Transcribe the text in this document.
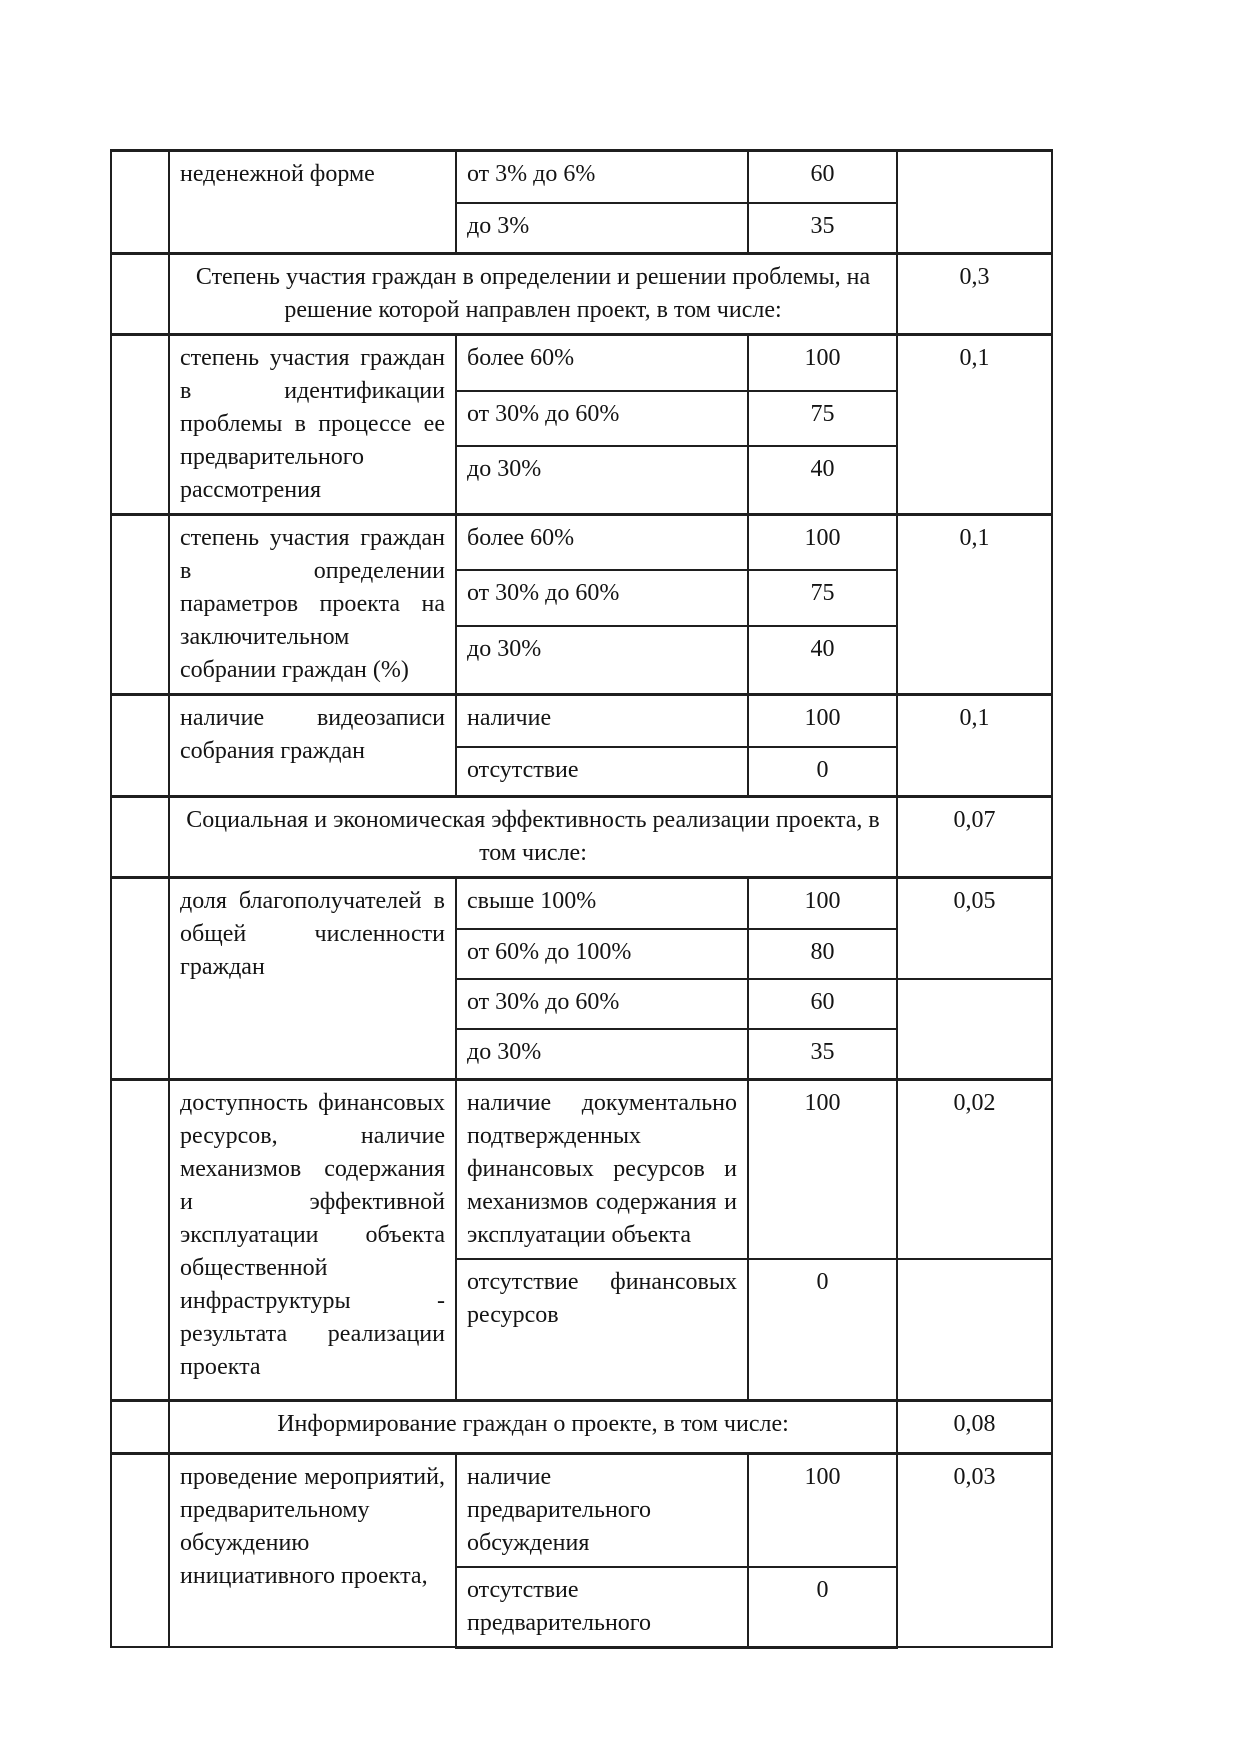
	неденежной форме	от 3% до 6%	60	
		до 3%	35	
	Степень участия граждан в определении и решении проблемы, на решение которой направлен проект, в том числе:			0,3
	степень участия граждан в идентификации проблемы в процессе ее предварительного рассмотрения	более 60%	100	0,1
		от 30% до 60%	75	
		до 30%	40	
	степень участия граждан в определении параметров проекта на заключительном собрании граждан (%)	более 60%	100	0,1
		от 30% до 60%	75	
		до 30%	40	
	наличие видеозаписи собрания граждан	наличие	100	0,1
		отсутствие	0	
	Социальная и экономическая эффективность реализации проекта, в том числе:			0,07
	доля благополучателей в общей численности граждан	свыше 100%	100	0,05
		от 60% до 100%	80	
		от 30% до 60%	60	
		до 30%	35	
	доступность финансовых ресурсов, наличие механизмов содержания и эффективной эксплуатации объекта общественной инфраструктуры - результата реализации проекта	наличие документально подтвержденных финансовых ресурсов и механизмов содержания и эксплуатации объекта	100	0,02
		отсутствие финансовых ресурсов	0	
	Информирование граждан о проекте, в том числе:			0,08
	проведение мероприятий, предварительному обсуждению инициативного проекта,	наличие предварительного обсуждения	100	0,03
		отсутствие предварительного	0	
